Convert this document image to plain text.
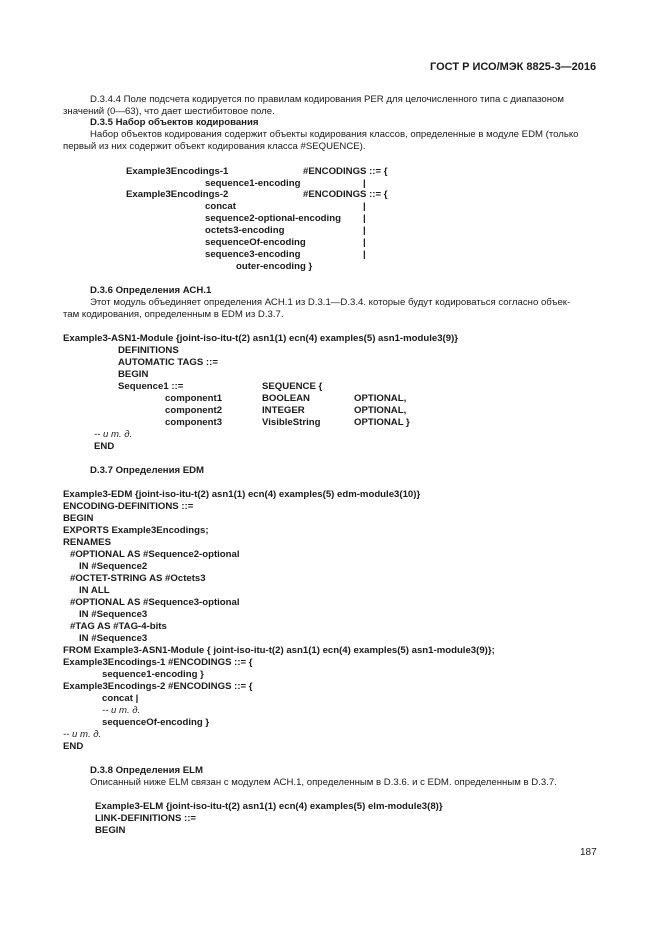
ГОСТ Р ИСО/МЭК 8825-3—2016
D.3.4.4 Поле подсчета кодируется по правилам кодирования PER для целочисленного типа с диапазоном
значений (0—63), что дает шестибитовое поле.
D.3.5 Набор объектов кодирования
Набор объектов кодирования содержит объекты кодирования классов, определенные в модуле EDM (только
первый из них содержит объект кодирования класса #SEQUENCE).
Example3Encodings-1	#ENCODINGS ::= {
sequence1-encoding	|
Example3Encodings-2	#ENCODINGS ::= {
concat	|
sequence2-optional-encoding |
octets3-encoding	|
sequenceOf-encoding	|
sequence3-encoding	|
outer-encoding }
D.3.6 Определения АСН.1
Этот модуль объединяет определения АСН.1 из D.3.1—D.3.4. которые будут кодироваться согласно объек-
там кодирования, определенным в EDM из D.3.7.
Example3-ASN1-Module {joint-iso-itu-t(2) asn1(1) ecn(4) examples(5) asn1-module3(9)}
DEFINITIONS
AUTOMATIC TAGS ::=
BEGIN
Sequence1 ::=	SEQUENCE {
component1	BOOLEAN	OPTIONAL,
component2	INTEGER	OPTIONAL,
component3	VisibleString	OPTIONAL }
-- и т. д.
END
D.3.7 Определения EDM
Example3-EDM {joint-iso-itu-t(2) asn1(1) ecn(4) examples(5) edm-module3(10)}
ENCODING-DEFINITIONS ::=
BEGIN
EXPORTS Example3Encodings;
RENAMES
#OPTIONAL AS #Sequence2-optional
IN #Sequence2
#OCTET-STRING AS #Octets3
IN ALL
#OPTIONAL AS #Sequence3-optional
IN #Sequence3
#TAG AS #TAG-4-bits
IN #Sequence3
FROM Example3-ASN1-Module { joint-iso-itu-t(2) asn1(1) ecn(4) examples(5) asn1-module3(9)};
Example3Encodings-1 #ENCODINGS ::= {
sequence1-encoding }
Example3Encodings-2 #ENCODINGS ::= {
concat |
-- и т. д.
sequenceOf-encoding }
-- и т. д.
END
D.3.8 Определения ELM
Описанный ниже ELM связан с модулем АСН.1, определенным в D.3.6. и с EDM. определенным в D.3.7.
Example3-ELM {joint-iso-itu-t(2) asn1(1) ecn(4) examples(5) elm-module3(8)}
LINK-DEFINITIONS ::=
BEGIN
187
